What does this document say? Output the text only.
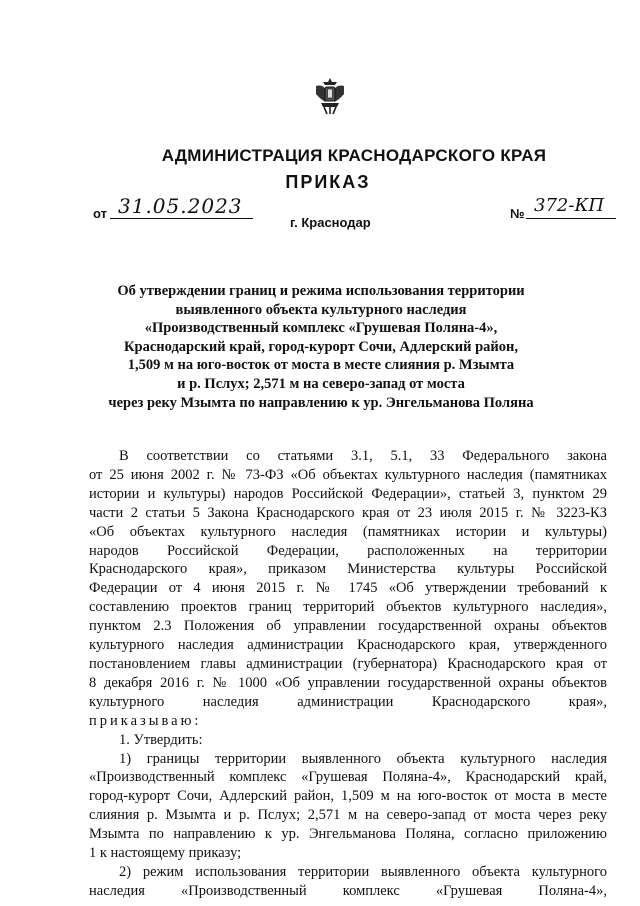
АДМИНИСТРАЦИЯ КРАСНОДАРСКОГО КРАЯ
ПРИКАЗ
от 31.05.2023
г. Краснодар
№ 372-КП
Об утверждении границ и режима использования территории
выявленного объекта культурного наследия
«Производственный комплекс «Грушевая Поляна-4»,
Краснодарский край, город-курорт Сочи, Адлерский район,
1,509 м на юго-восток от моста в месте слияния р. Мзымта
и р. Пслух; 2,571 м на северо-запад от моста
через реку Мзымта по направлению к ур. Энгельманова Поляна
В соответствии со статьями 3.1, 5.1, 33 Федерального закона
от 25 июня 2002 г. № 73-ФЗ «Об объектах культурного наследия (памятниках
истории и культуры) народов Российской Федерации», статьей 3, пунктом 29
части 2 статьи 5 Закона Краснодарского края от 23 июля 2015 г. № 3223-КЗ
«Об объектах культурного наследия (памятниках истории и культуры)
народов Российской Федерации, расположенных на территории
Краснодарского края», приказом Министерства культуры Российской
Федерации от 4 июня 2015 г. № 1745 «Об утверждении требований к
составлению проектов границ территорий объектов культурного наследия»,
пунктом 2.3 Положения об управлении государственной охраны объектов
культурного наследия администрации Краснодарского края, утвержденного
постановлением главы администрации (губернатора) Краснодарского края от
8 декабря 2016 г. № 1000 «Об управлении государственной охраны объектов
культурного наследия администрации Краснодарского края»,
приказываю:
1. Утвердить:
1) границы территории выявленного объекта культурного наследия
«Производственный комплекс «Грушевая Поляна-4», Краснодарский край,
город-курорт Сочи, Адлерский район, 1,509 м на юго-восток от моста в месте
слияния р. Мзымта и р. Пслух; 2,571 м на северо-запад от моста через реку
Мзымта по направлению к ур. Энгельманова Поляна, согласно приложению
1 к настоящему приказу;
2) режим использования территории выявленного объекта культурного
наследия «Производственный комплекс «Грушевая Поляна-4»,
